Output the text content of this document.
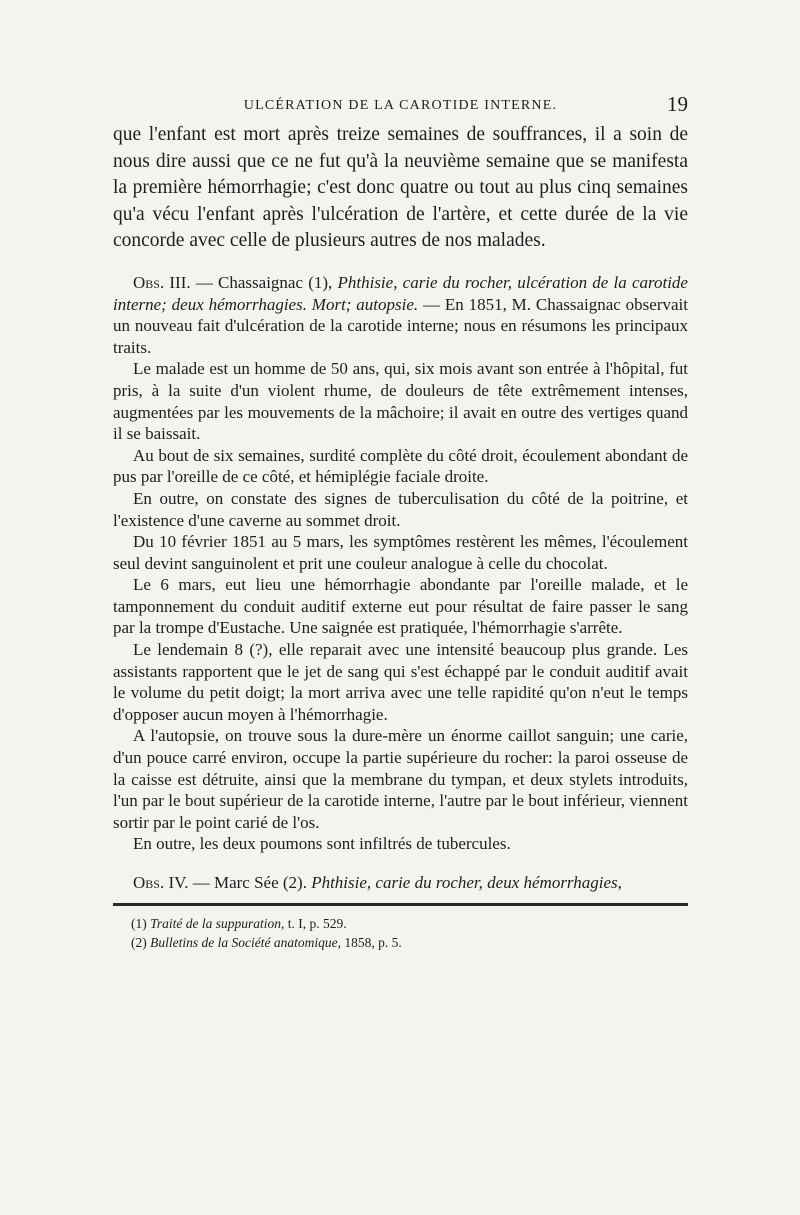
ULCÉRATION DE LA CAROTIDE INTERNE.	19

que l'enfant est mort après treize semaines de souffrances, il a soin de nous dire aussi que ce ne fut qu'à la neuvième semaine que se manifesta la première hémorrhagie; c'est donc quatre ou tout au plus cinq semaines qu'a vécu l'enfant après l'ulcération de l'artère, et cette durée de la vie concorde avec celle de plusieurs autres de nos malades.

Obs. III. — Chassaignac (1), Phthisie, carie du rocher, ulcération de la carotide interne; deux hémorrhagies. Mort; autopsie. — En 1851, M. Chassaignac observait un nouveau fait d'ulcération de la carotide interne; nous en résumons les principaux traits.

Le malade est un homme de 50 ans, qui, six mois avant son entrée à l'hôpital, fut pris, à la suite d'un violent rhume, de douleurs de tête extrêmement intenses, augmentées par les mouvements de la mâchoire; il avait en outre des vertiges quand il se baissait.

Au bout de six semaines, surdité complète du côté droit, écoulement abondant de pus par l'oreille de ce côté, et hémiplégie faciale droite.

En outre, on constate des signes de tuberculisation du côté de la poitrine, et l'existence d'une caverne au sommet droit.

Du 10 février 1851 au 5 mars, les symptômes restèrent les mêmes, l'écoulement seul devint sanguinolent et prit une couleur analogue à celle du chocolat.

Le 6 mars, eut lieu une hémorrhagie abondante par l'oreille malade, et le tamponnement du conduit auditif externe eut pour résultat de faire passer le sang par la trompe d'Eustache. Une saignée est pratiquée, l'hémorrhagie s'arrête.

Le lendemain 8 (?), elle reparait avec une intensité beaucoup plus grande. Les assistants rapportent que le jet de sang qui s'est échappé par le conduit auditif avait le volume du petit doigt; la mort arriva avec une telle rapidité qu'on n'eut le temps d'opposer aucun moyen à l'hémorrhagie.

A l'autopsie, on trouve sous la dure-mère un énorme caillot sanguin; une carie, d'un pouce carré environ, occupe la partie supérieure du rocher: la paroi osseuse de la caisse est détruite, ainsi que la membrane du tympan, et deux stylets introduits, l'un par le bout supérieur de la carotide interne, l'autre par le bout inférieur, viennent sortir par le point carié de l'os.

En outre, les deux poumons sont infiltrés de tubercules.

Obs. IV. — Marc Sée (2). Phthisie, carie du rocher, deux hémorrhagies,

(1) Traité de la suppuration, t. I, p. 529.
(2) Bulletins de la Société anatomique, 1858, p. 5.
